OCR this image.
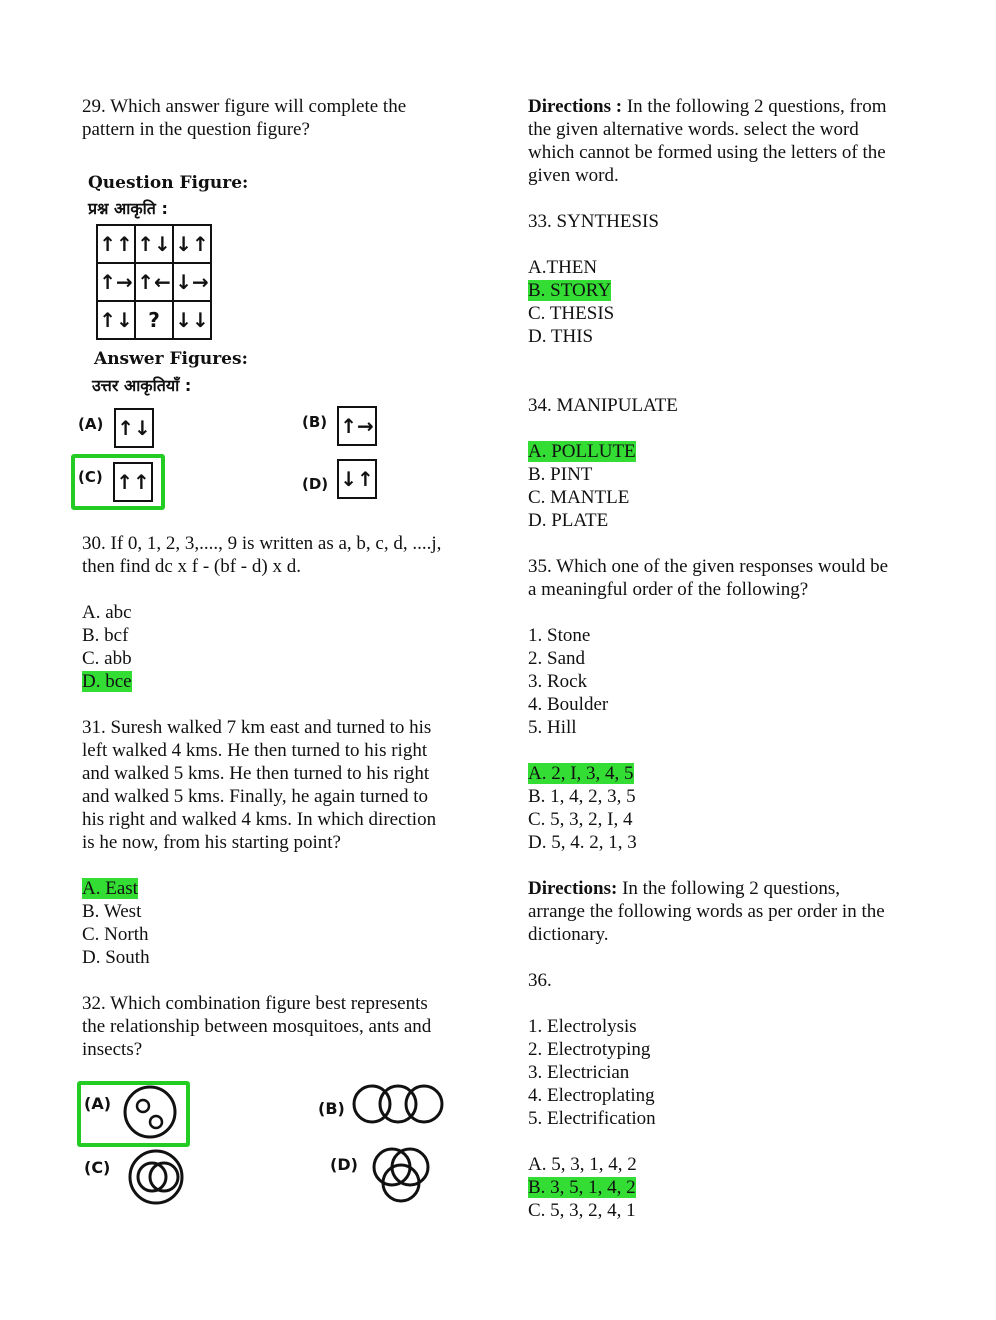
29. Which answer figure will complete the

pattern in the question figure?

Question Figure:
प्रश्न आकृति :
↑↑	↑↓	↓↑
↑→	↑←	↓→
↑↓	?	↓↓
Answer Figures:
उत्तर आकृतियाँ :
(A) ↑↓	(B) ↑→
(C) ↑↑	(D) ↓↑

30. If 0, 1, 2, 3,...., 9 is written as a, b, c, d, ....j,

then find dc x f - (bf - d) x d.

A. abc

B. bcf

C. abb

D. bce

31. Suresh walked 7 km east and turned to his

left walked 4 kms. He then turned to his right

and walked 5 kms. He then turned to his right

and walked 5 kms. Finally, he again turned to

his right and walked 4 kms. In which direction

is he now, from his starting point?

A. East

B. West

C. North

D. South

32. Which combination figure best represents

the relationship between mosquitoes, ants and

insects?

(A)	(B)
(C)	(D)

Directions : In the following 2 questions, from

the given alternative words. select the word

which cannot be formed using the letters of the

given word.

33. SYNTHESIS

A.THEN

B. STORY

C. THESIS

D. THIS

34. MANIPULATE

A. POLLUTE

B. PINT

C. MANTLE

D. PLATE

35. Which one of the given responses would be

a meaningful order of the following?

1. Stone

2. Sand

3. Rock

4. Boulder

5. Hill

A. 2, I, 3, 4, 5

B. 1, 4, 2, 3, 5

C. 5, 3, 2, I, 4

D. 5, 4. 2, 1, 3

Directions: In the following 2 questions,

arrange the following words as per order in the

dictionary.

36.

1. Electrolysis

2. Electrotyping

3. Electrician

4. Electroplating

5. Electrification

A. 5, 3, 1, 4, 2

B. 3, 5, 1, 4, 2

C. 5, 3, 2, 4, 1
